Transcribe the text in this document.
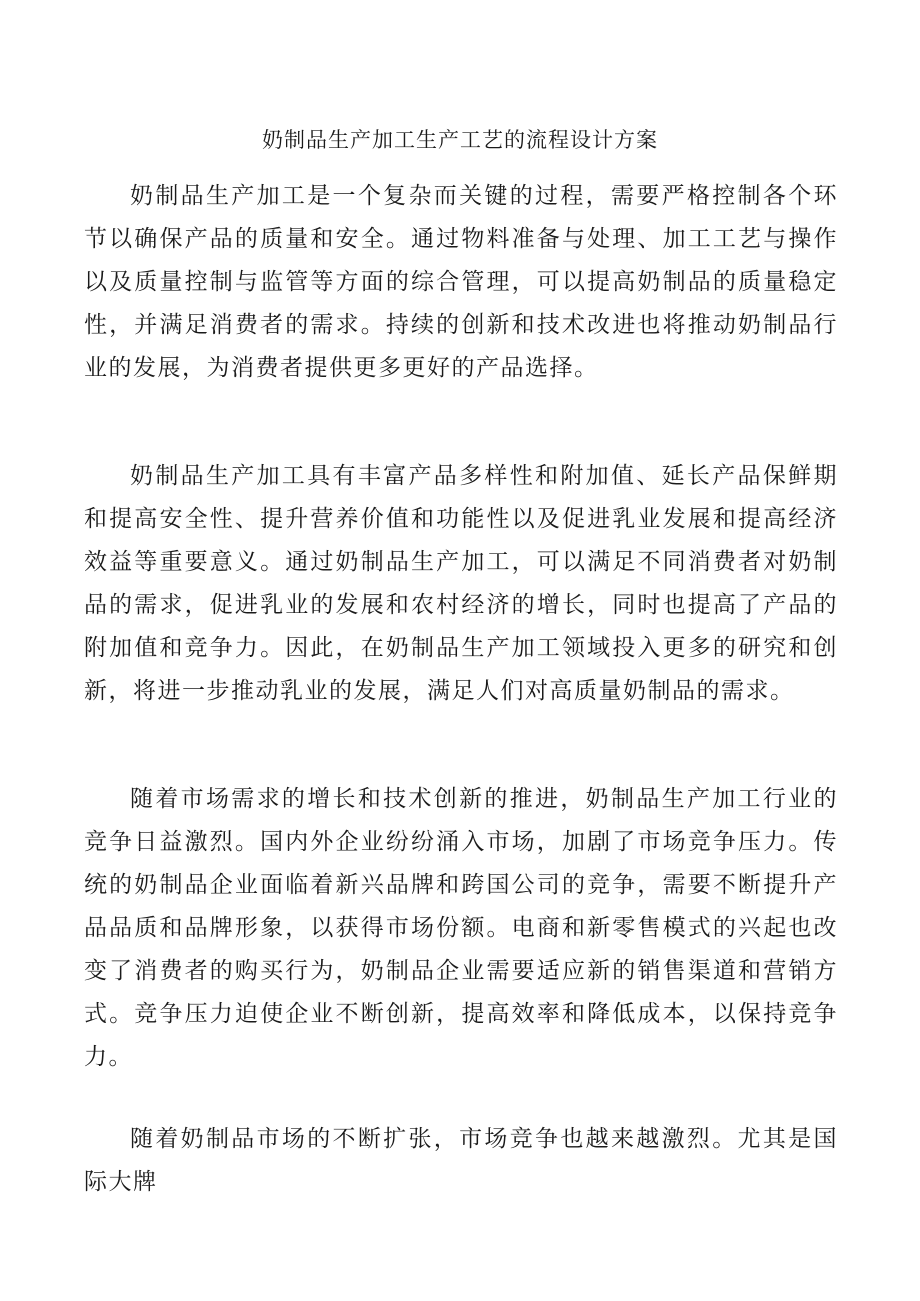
奶制品生产加工生产工艺的流程设计方案

奶制品生产加工是一个复杂而关键的过程，需要严格控制各个环节以确保产品的质量和安全。通过物料准备与处理、加工工艺与操作以及质量控制与监管等方面的综合管理，可以提高奶制品的质量稳定性，并满足消费者的需求。持续的创新和技术改进也将推动奶制品行业的发展，为消费者提供更多更好的产品选择。

奶制品生产加工具有丰富产品多样性和附加值、延长产品保鲜期和提高安全性、提升营养价值和功能性以及促进乳业发展和提高经济效益等重要意义。通过奶制品生产加工，可以满足不同消费者对奶制品的需求，促进乳业的发展和农村经济的增长，同时也提高了产品的附加值和竞争力。因此，在奶制品生产加工领域投入更多的研究和创新，将进一步推动乳业的发展，满足人们对高质量奶制品的需求。

随着市场需求的增长和技术创新的推进，奶制品生产加工行业的竞争日益激烈。国内外企业纷纷涌入市场，加剧了市场竞争压力。传统的奶制品企业面临着新兴品牌和跨国公司的竞争，需要不断提升产品品质和品牌形象，以获得市场份额。电商和新零售模式的兴起也改变了消费者的购买行为，奶制品企业需要适应新的销售渠道和营销方式。竞争压力迫使企业不断创新，提高效率和降低成本，以保持竞争力。

随着奶制品市场的不断扩张，市场竞争也越来越激烈。尤其是国际大牌
